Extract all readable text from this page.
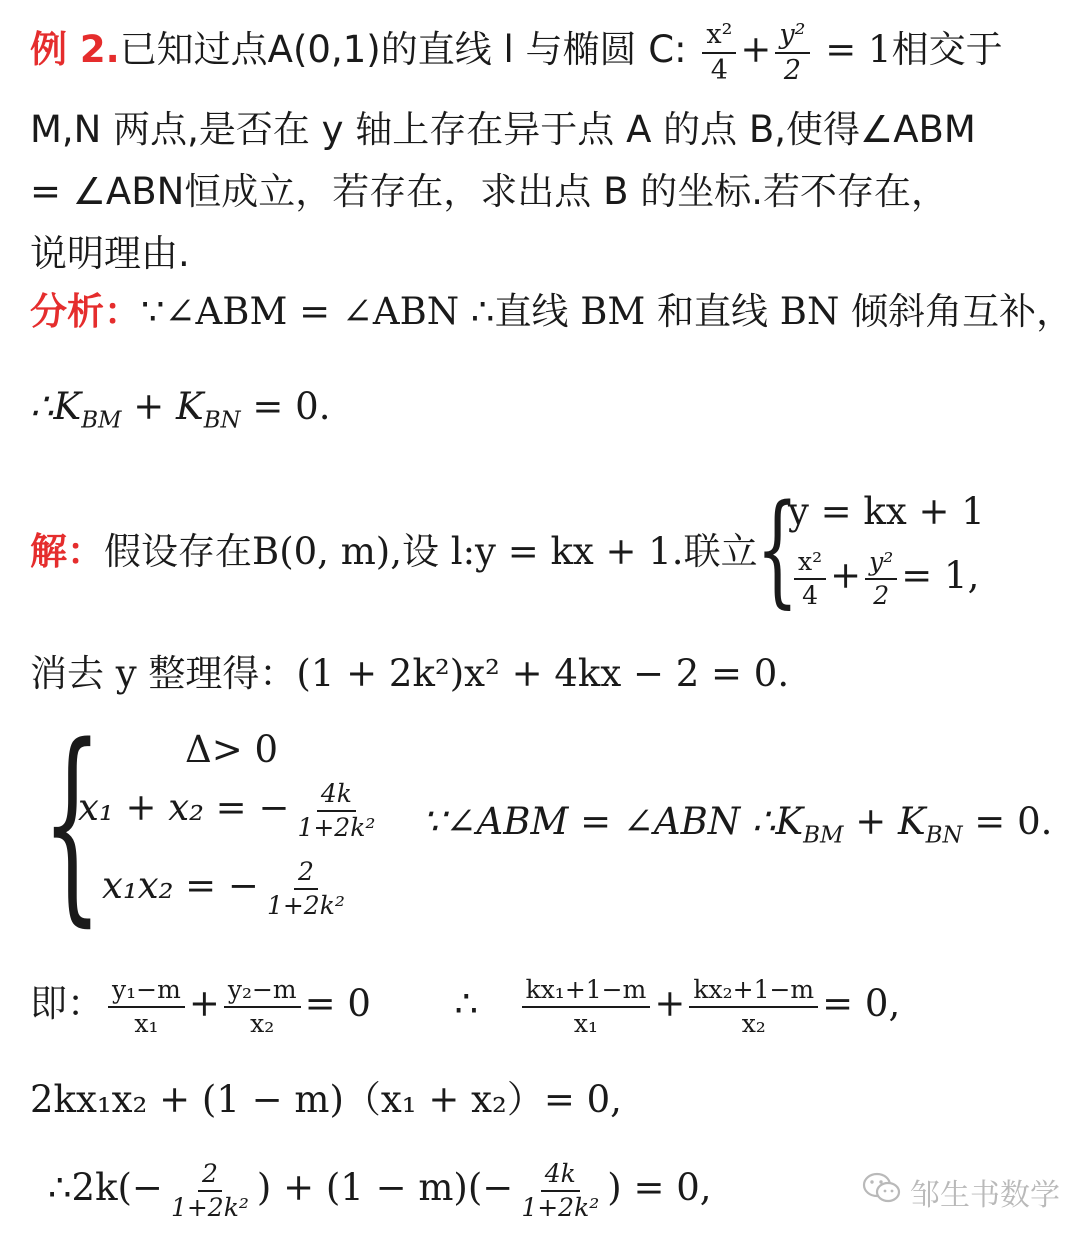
例 2.已知过点A(0,1)的直线 l 与椭圆 C: $\frac{\text{x²}}{4} + \frac{\text{y²}}{2} = 1$相交于
M,N 两点,是否在 y 轴上存在异于点 A 的点 B,使得∠ABM
= ∠ABN恒成立，若存在，求出点 B 的坐标.若不存在，
说明理由.
分析：∵∠ABM = ∠ABN ∴直线 BM 和直线 BN 倾斜角互补，
$\therefore K_{BM} + K_{BN} = 0$.
解：假设存在B(0, m),设 l:y = kx + 1.联立
{
y = kx + 1
$\frac{\text{x²}}{4} + \frac{\text{y²}}{2} = 1$,
消去 y 整理得：(1 + 2k²)x² + 4kx − 2 = 0.
{ Δ> 0
x₁ + x₂ = − $\frac{4k}{\text{1+2k²}}$
x₁x₂ = − $\frac{2}{\text{1+2k²}}$
∵∠ABM = ∠ABN $\therefore K_{BM} + K_{BN} = 0$.
即： $\frac{\text{y₁−m}}{\text{x₁}} + \frac{\text{y₂−m}}{\text{x₂}} = 0$ ∴ $\frac{\text{kx₁+1−m}}{\text{x₁}} + \frac{\text{kx₂+1−m}}{\text{x₂}} = 0$,
2kx₁x₂ + (1 − m)（x₁ + x₂）= 0,
∴2k(− $\frac{2}{\text{1+2k²}}$ ) + $(1 - m)(- \frac{4k}{\text{1+2k²}}$ ) = 0,	邹生书数学
